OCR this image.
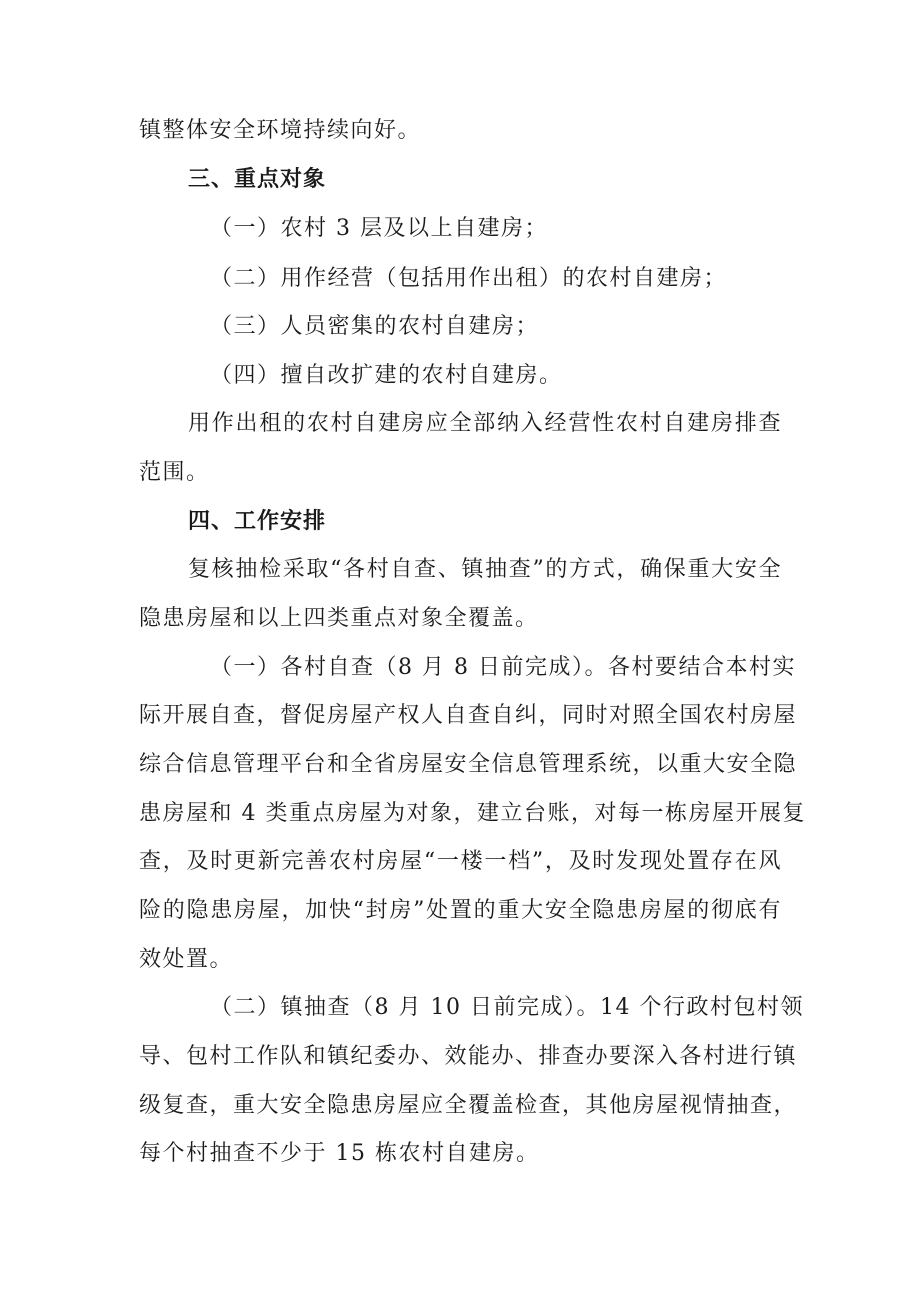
镇整体安全环境持续向好。
三、重点对象
（一）农村 3 层及以上自建房；
（二）用作经营（包括用作出租）的农村自建房；
（三）人员密集的农村自建房；
（四）擅自改扩建的农村自建房。
用作出租的农村自建房应全部纳入经营性农村自建房排查
范围。
四、工作安排
复核抽检采取“各村自查、镇抽查”的方式，确保重大安全
隐患房屋和以上四类重点对象全覆盖。
（一）各村自查（8 月 8 日前完成）。各村要结合本村实
际开展自查，督促房屋产权人自查自纠，同时对照全国农村房屋
综合信息管理平台和全省房屋安全信息管理系统，以重大安全隐
患房屋和 4 类重点房屋为对象，建立台账，对每一栋房屋开展复
查，及时更新完善农村房屋“一楼一档”，及时发现处置存在风
险的隐患房屋，加快“封房”处置的重大安全隐患房屋的彻底有
效处置。
（二）镇抽查（8 月 10 日前完成）。14 个行政村包村领
导、包村工作队和镇纪委办、效能办、排查办要深入各村进行镇
级复查，重大安全隐患房屋应全覆盖检查，其他房屋视情抽查，
每个村抽查不少于 15 栋农村自建房。
